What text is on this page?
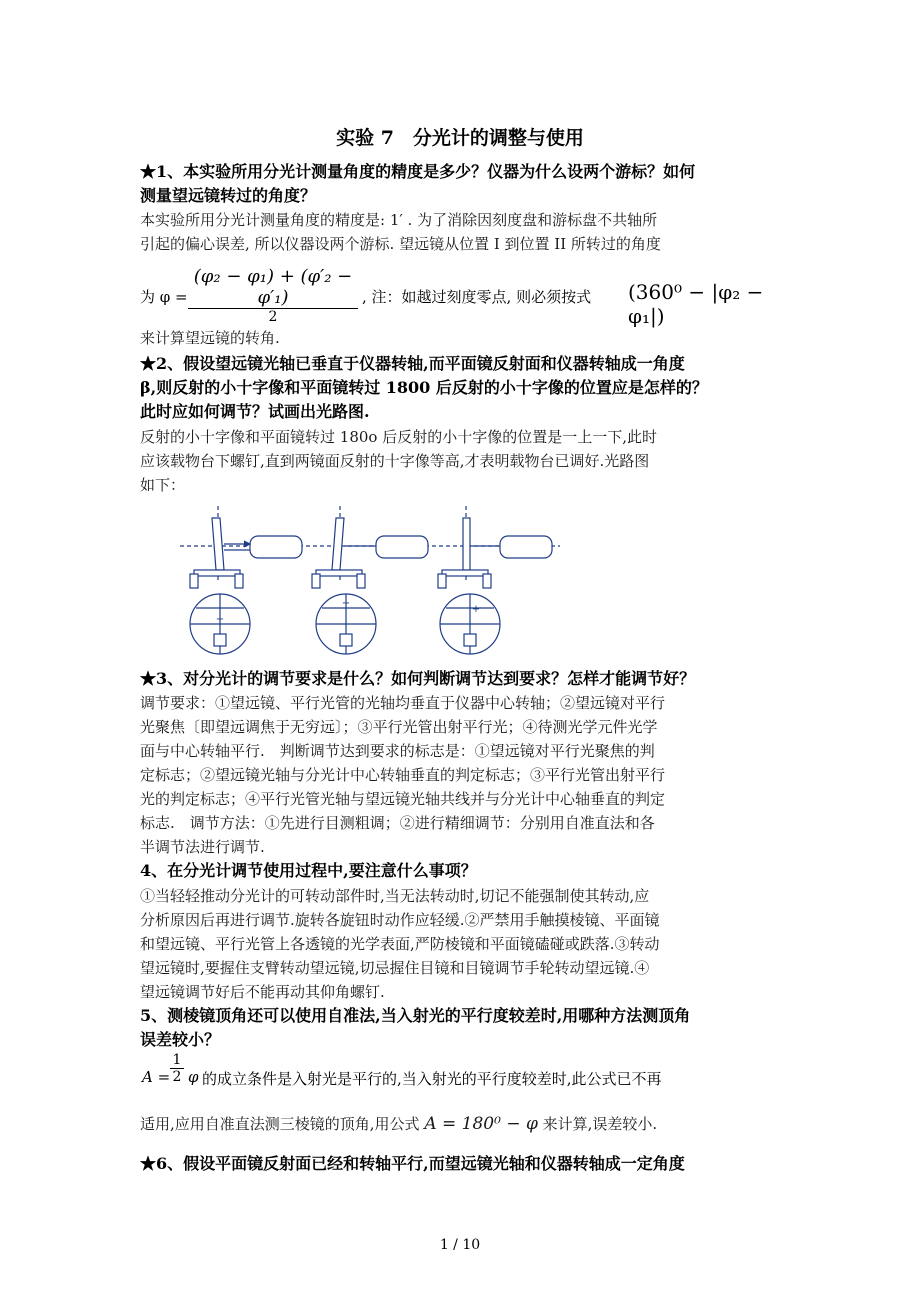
实验 7　分光计的调整与使用
★1、本实验所用分光计测量角度的精度是多少？仪器为什么设两个游标？如何
测量望远镜转过的角度？
本实验所用分光计测量角度的精度是: 1′ . 为了消除因刻度盘和游标盘不共轴所
引起的偏心误差, 所以仪器设两个游标. 望远镜从位置 I 到位置 II 所转过的角度
为 φ =
(φ₂ − φ₁) + (φ′₂ − φ′₁)
2
, 注：如越过刻度零点, 则必须按式 (360⁰ − |φ₂ − φ₁|)
来计算望远镜的转角.
★2、假设望远镜光轴已垂直于仪器转轴,而平面镜反射面和仪器转轴成一角度
β,则反射的小十字像和平面镜转过 1800 后反射的小十字像的位置应是怎样的？
此时应如何调节？试画出光路图.
反射的小十字像和平面镜转过 180o 后反射的小十字像的位置是一上一下,此时
应该载物台下螺钉,直到两镜面反射的十字像等高,才表明载物台已调好.光路图
如下：
+
+
+
★3、对分光计的调节要求是什么？如何判断调节达到要求？怎样才能调节好？
调节要求：①望远镜、平行光管的光轴均垂直于仪器中心转轴；②望远镜对平行
光聚焦〔即望远调焦于无穷远〕；③平行光管出射平行光；④待测光学元件光学
面与中心转轴平行.　判断调节达到要求的标志是：①望远镜对平行光聚焦的判
定标志；②望远镜光轴与分光计中心转轴垂直的判定标志；③平行光管出射平行
光的判定标志；④平行光管光轴与望远镜光轴共线并与分光计中心轴垂直的判定
标志.　调节方法：①先进行目测粗调；②进行精细调节：分别用自准直法和各
半调节法进行调节.
4、在分光计调节使用过程中,要注意什么事项？
①当轻轻推动分光计的可转动部件时,当无法转动时,切记不能强制使其转动,应
分析原因后再进行调节.旋转各旋钮时动作应轻缓.②严禁用手触摸棱镜、平面镜
和望远镜、平行光管上各透镜的光学表面,严防棱镜和平面镜磕碰或跌落.③转动
望远镜时,要握住支臂转动望远镜,切忌握住目镜和目镜调节手轮转动望远镜.④
望远镜调节好后不能再动其仰角螺钉.
5、测棱镜顶角还可以使用自准法,当入射光的平行度较差时,用哪种方法测顶角
误差较小？
$A = \frac{1}{2}$ φ 的成立条件是入射光是平行的,当入射光的平行度较差时,此公式已不再
适用,应用自准直法测三棱镜的顶角,用公式 A = 180⁰ − φ 来计算,误差较小.
★6、假设平面镜反射面已经和转轴平行,而望远镜光轴和仪器转轴成一定角度
1 / 10
